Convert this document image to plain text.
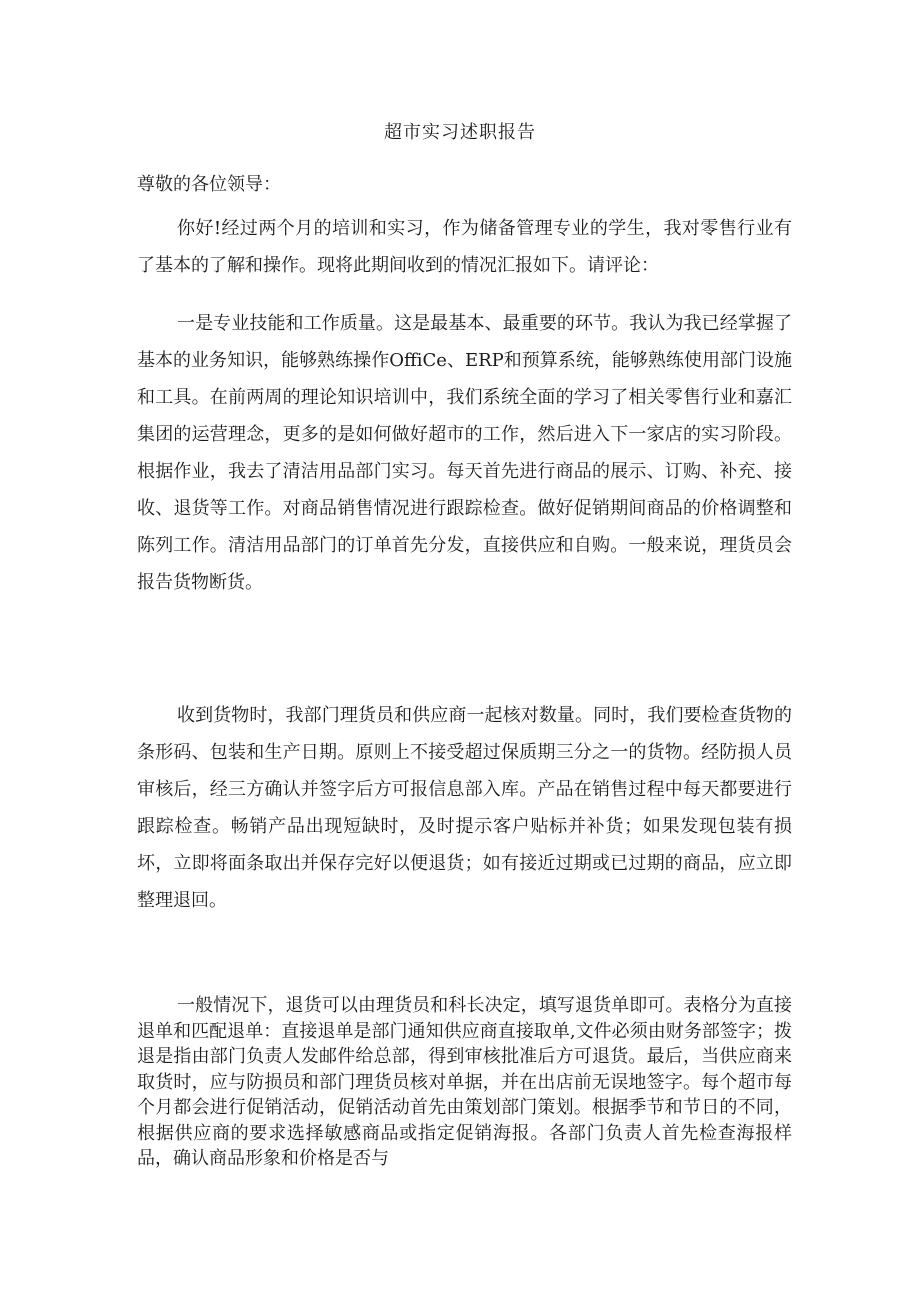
超市实习述职报告
尊敬的各位领导：
你好!经过两个月的培训和实习，作为储备管理专业的学生，我对零售行业有了基本的了解和操作。现将此期间收到的情况汇报如下。请评论：
一是专业技能和工作质量。这是最基本、最重要的环节。我认为我已经掌握了基本的业务知识，能够熟练操作OffiCe、ERP和预算系统，能够熟练使用部门设施和工具。在前两周的理论知识培训中，我们系统全面的学习了相关零售行业和嘉汇集团的运营理念，更多的是如何做好超市的工作，然后进入下一家店的实习阶段。根据作业，我去了清洁用品部门实习。每天首先进行商品的展示、订购、补充、接收、退货等工作。对商品销售情况进行跟踪检查。做好促销期间商品的价格调整和陈列工作。清洁用品部门的订单首先分发，直接供应和自购。一般来说，理货员会报告货物断货。
收到货物时，我部门理货员和供应商一起核对数量。同时，我们要检查货物的条形码、包装和生产日期。原则上不接受超过保质期三分之一的货物。经防损人员审核后，经三方确认并签字后方可报信息部入库。产品在销售过程中每天都要进行跟踪检查。畅销产品出现短缺时，及时提示客户贴标并补货；如果发现包装有损坏，立即将面条取出并保存完好以便退货；如有接近过期或已过期的商品，应立即整理退回。
一般情况下，退货可以由理货员和科长决定，填写退货单即可。表格分为直接退单和匹配退单：直接退单是部门通知供应商直接取单,文件必须由财务部签字；拨退是指由部门负责人发邮件给总部，得到审核批准后方可退货。最后，当供应商来取货时，应与防损员和部门理货员核对单据，并在出店前无误地签字。每个超市每个月都会进行促销活动，促销活动首先由策划部门策划。根据季节和节日的不同，根据供应商的要求选择敏感商品或指定促销海报。各部门负责人首先检查海报样品，确认商品形象和价格是否与
